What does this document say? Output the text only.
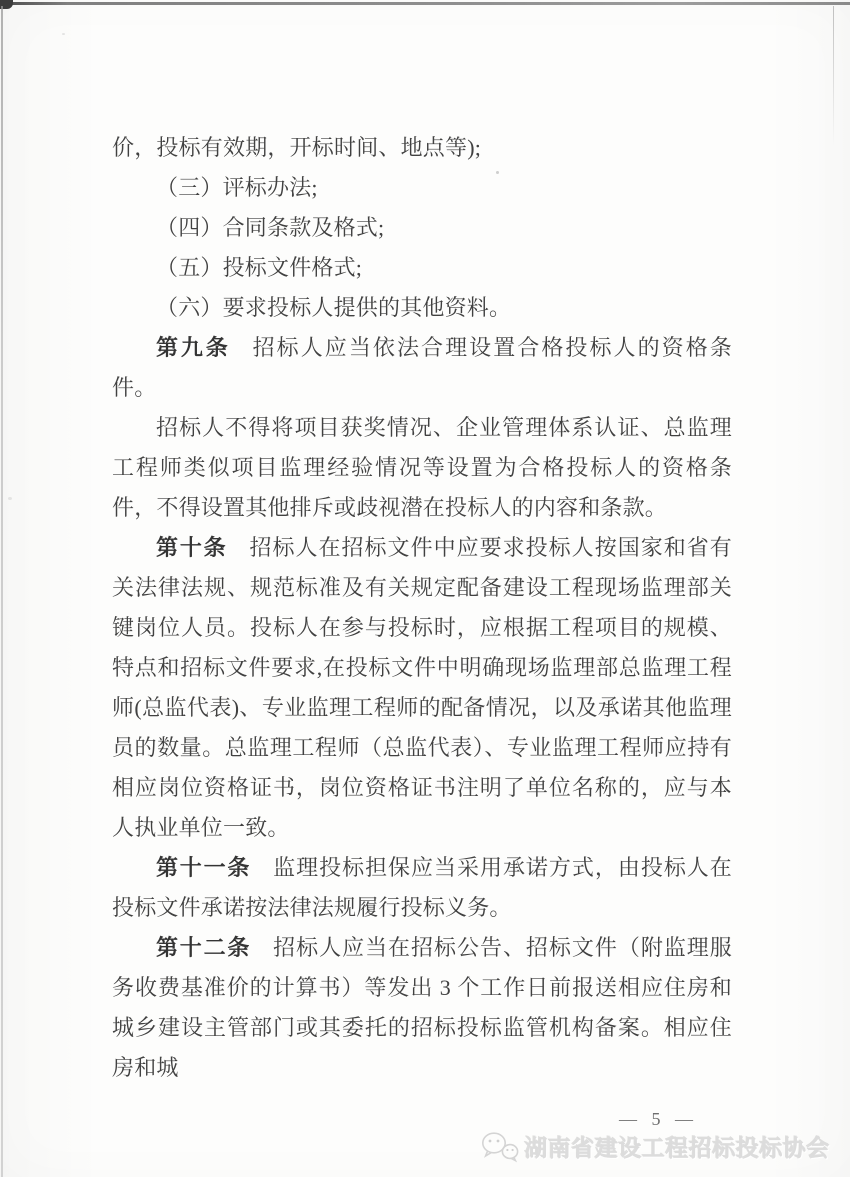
价，投标有效期，开标时间、地点等);

（三）评标办法;

（四）合同条款及格式;

（五）投标文件格式;

（六）要求投标人提供的其他资料。

第九条 招标人应当依法合理设置合格投标人的资格条件。

招标人不得将项目获奖情况、企业管理体系认证、总监理工程师类似项目监理经验情况等设置为合格投标人的资格条件，不得设置其他排斥或歧视潜在投标人的内容和条款。

第十条 招标人在招标文件中应要求投标人按国家和省有关法律法规、规范标准及有关规定配备建设工程现场监理部关键岗位人员。投标人在参与投标时，应根据工程项目的规模、特点和招标文件要求,在投标文件中明确现场监理部总监理工程师(总监代表)、专业监理工程师的配备情况，以及承诺其他监理员的数量。总监理工程师（总监代表）、专业监理工程师应持有相应岗位资格证书，岗位资格证书注明了单位名称的，应与本人执业单位一致。

第十一条 监理投标担保应当采用承诺方式，由投标人在投标文件承诺按法律法规履行投标义务。

第十二条 招标人应当在招标公告、招标文件（附监理服务收费基准价的计算书）等发出 3 个工作日前报送相应住房和城乡建设主管部门或其委托的招标投标监管机构备案。相应住房和城

— 5 —
湖南省建设工程招标投标协会
